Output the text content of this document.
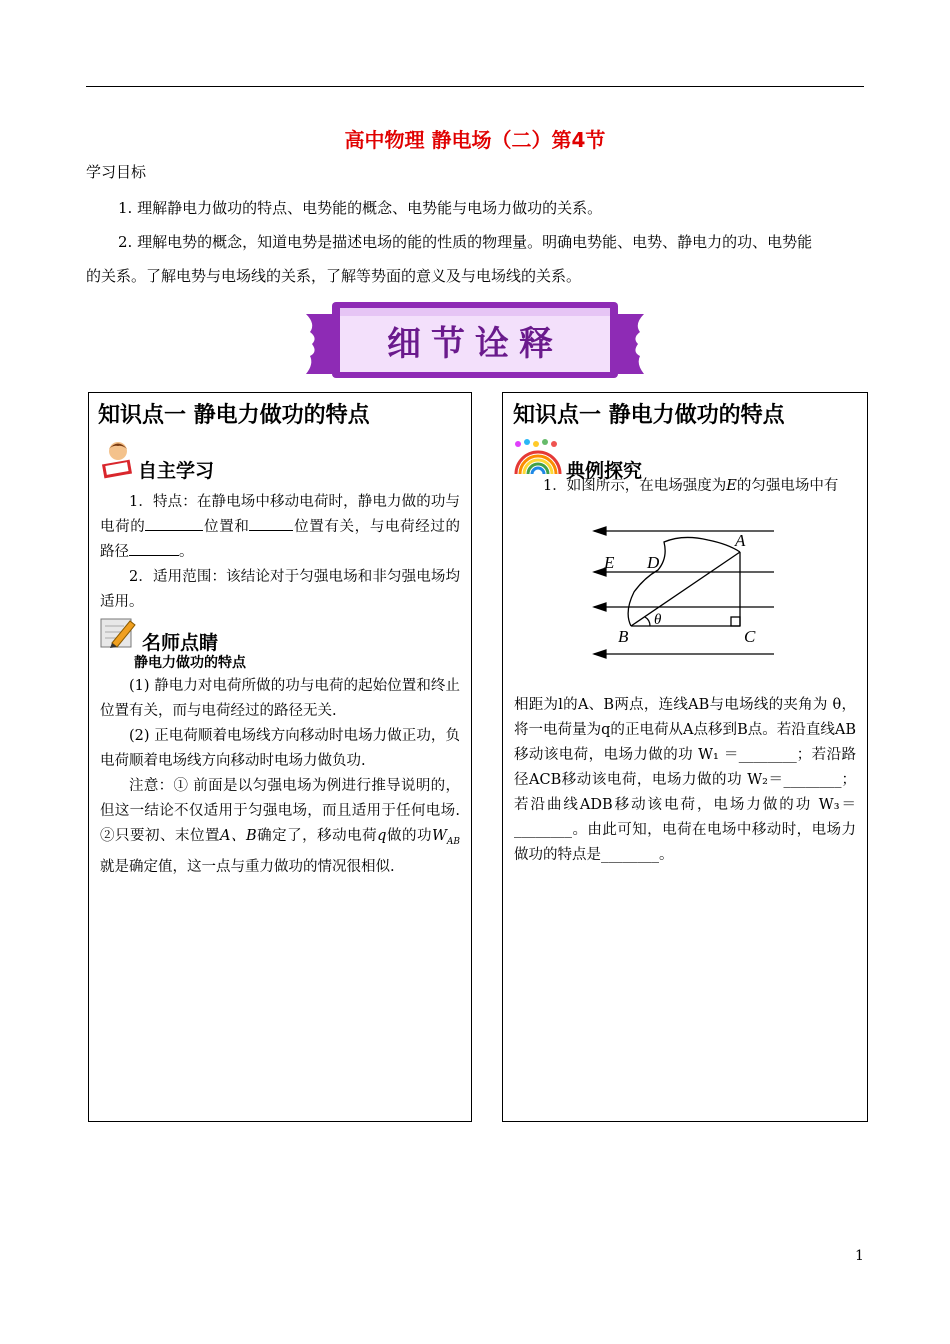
高中物理 静电场（二）第4节
学习目标
1. 理解静电力做功的特点、电势能的概念、电势能与电场力做功的关系。
2. 理解电势的概念，知道电势是描述电场的能的性质的物理量。明确电势能、电势、静电力的功、电势能
的关系。了解电势与电场线的关系，了解等势面的意义及与电场线的关系。
细节诠释
知识点一 静电力做功的特点
自主学习

1．特点：在静电场中移动电荷时，静电力做的功与电荷的	位置和	位置有关，与电荷经过的路径	。

2．适用范围：该结论对于匀强电场和非匀强电场均适用。

名师点睛
静电力做功的特点

(1) 静电力对电荷所做的功与电荷的起始位置和终止位置有关，而与电荷经过的路径无关.

(2) 正电荷顺着电场线方向移动时电场力做正功，负电荷顺着电场线方向移动时电场力做负功.

注意：① 前面是以匀强电场为例进行推导说明的，但这一结论不仅适用于匀强电场，而且适用于任何电场. ②只要初、末位置A、B确定了，移动电荷q做的功$W_{AB}$就是确定值，这一点与重力做功的情况很相似.

知识点一 静电力做功的特点
典例探究

1．如图所示，在电场强度为E的匀强电场中有

A
B	C
D
E
θ
相距为l的A、B两点，连线AB与电场线的夹角为 θ，将一电荷量为q的正电荷从A点移到B点。若沿直线AB移动该电荷，电场力做的功 W₁ ＝________；若沿路径ACB移动该电荷，电场力做的功 W₂＝________；若沿曲线ADB移动该电荷，电场力做的功 W₃＝________。由此可知，电荷在电场中移动时，电场力做功的特点是________。
1
